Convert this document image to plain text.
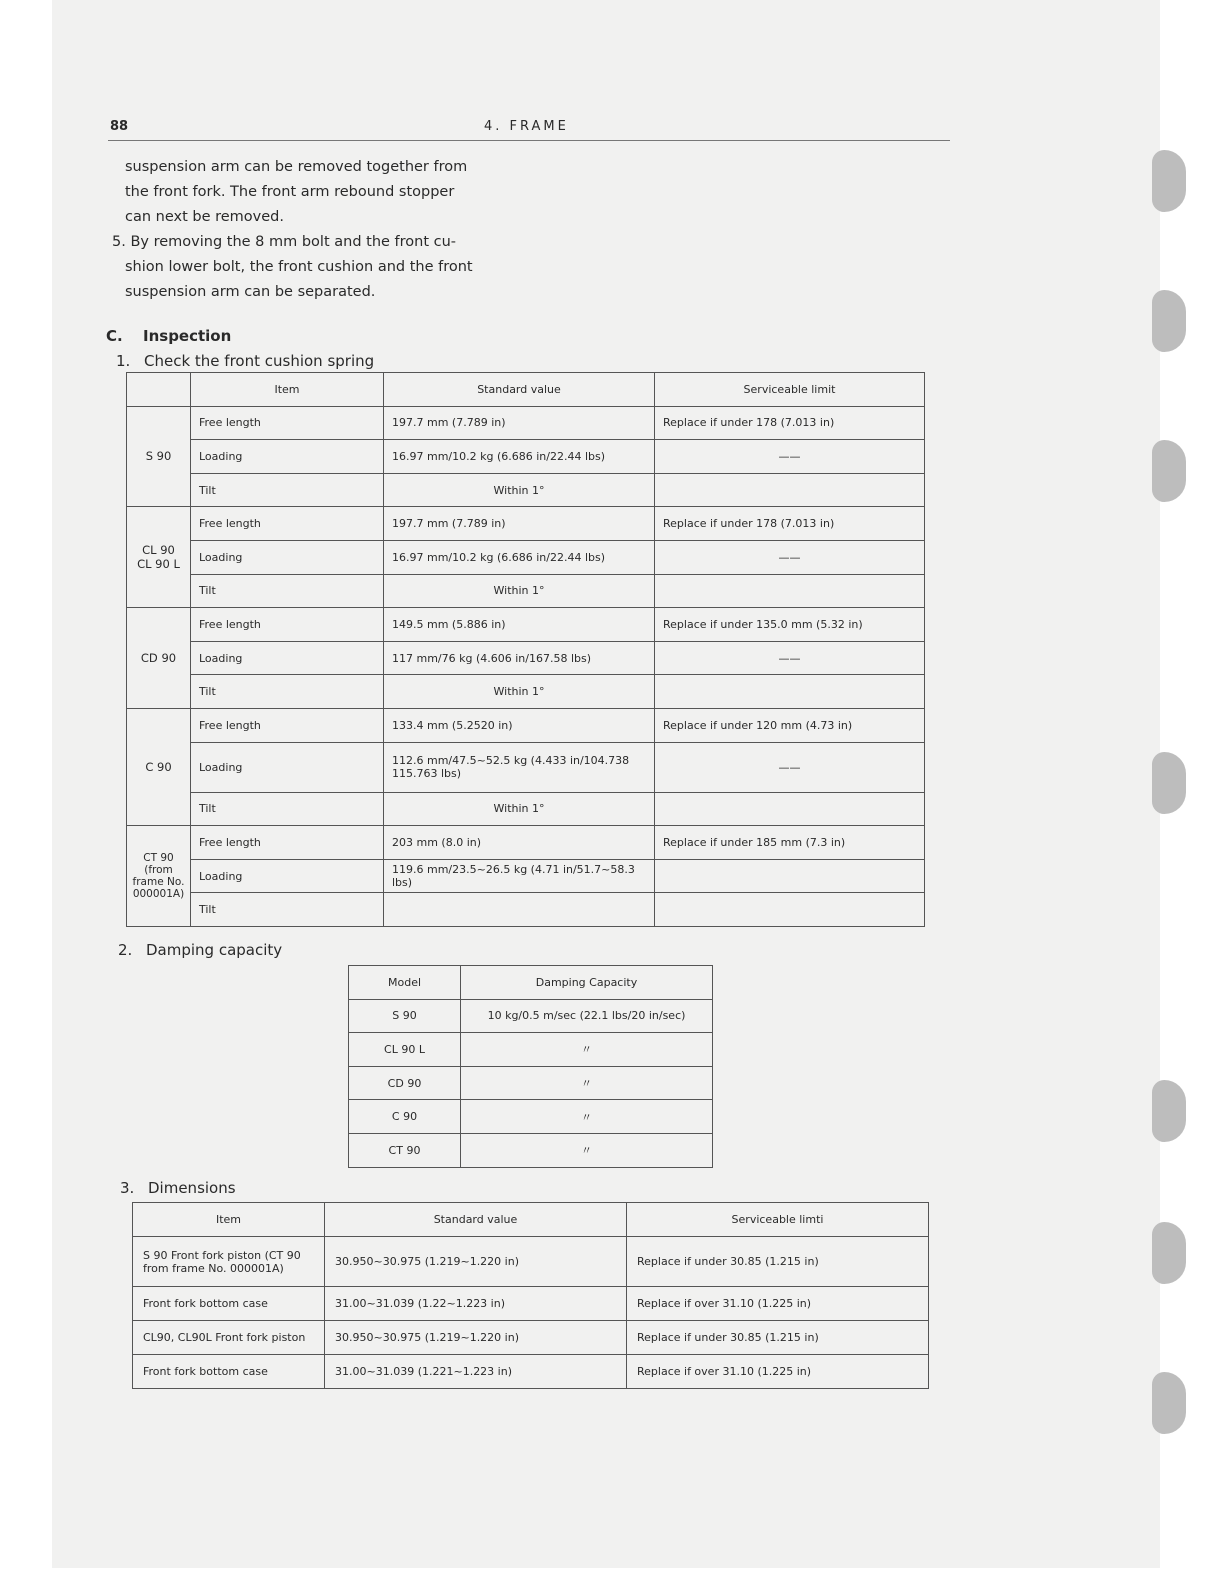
88	4. FRAME

suspension arm can be removed together from

the front fork. The front arm rebound stopper

can next be removed.

5. By removing the 8 mm bolt and the front cu-

shion lower bolt, the front cushion and the front

suspension arm can be separated.

C. Inspection
1. Check the front cushion spring
	Item	Standard value	Serviceable limit
S 90	Free length	197.7 mm (7.789 in)	Replace if under 178 (7.013 in)
	Loading	16.97 mm/10.2 kg (6.686 in/22.44 lbs)	——
	Tilt	Within 1°	
CL 90 CL 90 L	Free length	197.7 mm (7.789 in)	Replace if under 178 (7.013 in)
	Loading	16.97 mm/10.2 kg (6.686 in/22.44 lbs)	——
	Tilt	Within 1°	
CD 90	Free length	149.5 mm (5.886 in)	Replace if under 135.0 mm (5.32 in)
	Loading	117 mm/76 kg (4.606 in/167.58 lbs)	——
	Tilt	Within 1°	
C 90	Free length	133.4 mm (5.2520 in)	Replace if under 120 mm (4.73 in)
	Loading	112.6 mm/47.5~52.5 kg (4.433 in/104.738 115.763 lbs)	——
	Tilt	Within 1°	
CT 90 (from frame No. 000001A)	Free length	203 mm (8.0 in)	Replace if under 185 mm (7.3 in)
	Loading	119.6 mm/23.5~26.5 kg (4.71 in/51.7~58.3 lbs)	
	Tilt		
2. Damping capacity
Model	Damping Capacity
S 90	10 kg/0.5 m/sec (22.1 lbs/20 in/sec)
CL 90 L	〃
CD 90	〃
C 90	〃
CT 90	〃
3. Dimensions
Item	Standard value	Serviceable limti
S 90 Front fork piston (CT 90 from frame No. 000001A)	30.950~30.975 (1.219~1.220 in)	Replace if under 30.85 (1.215 in)
Front fork bottom case	31.00~31.039 (1.22~1.223 in)	Replace if over 31.10 (1.225 in)
CL90, CL90L Front fork piston	30.950~30.975 (1.219~1.220 in)	Replace if under 30.85 (1.215 in)
Front fork bottom case	31.00~31.039 (1.221~1.223 in)	Replace if over 31.10 (1.225 in)
